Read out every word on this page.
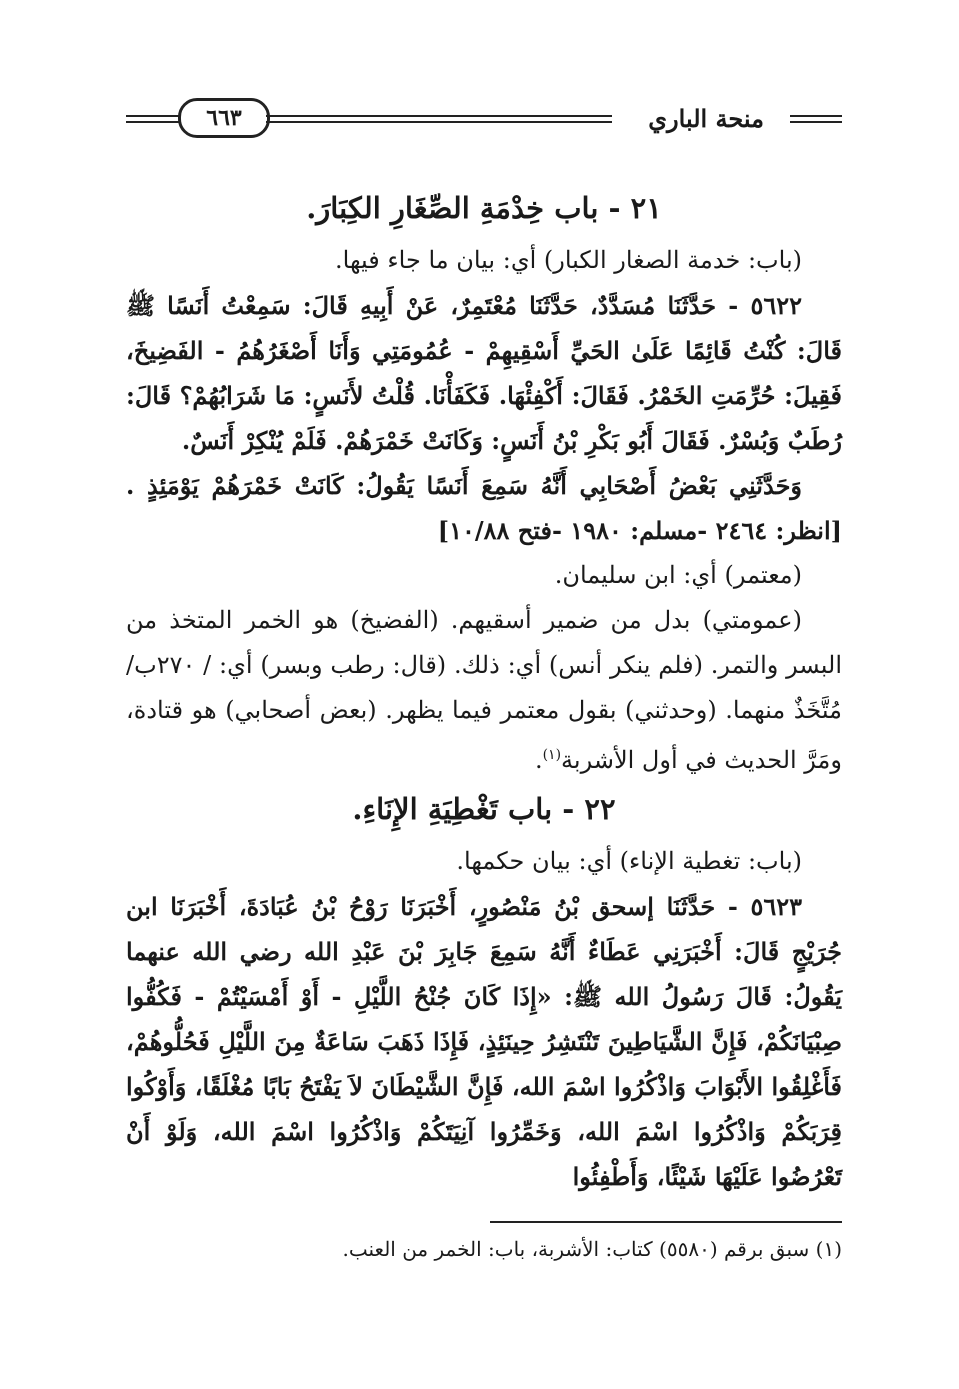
منحة الباري
٦٦٣
٢١ - باب خِدْمَةِ الصِّغَارِ الكِبَارَ.

(باب: خدمة الصغار الكبار) أي: بيان ما جاء فيها.

٥٦٢٢ - حَدَّثَنَا مُسَدَّدٌ، حَدَّثَنَا مُعْتَمِرٌ، عَنْ أَبِيهِ قَالَ: سَمِعْتُ أَنَسًا ﷺ قَالَ: كُنْتُ قَائِمًا عَلَىٰ الحَيِّ أَسْقِيهِمْ - عُمُومَتِي وَأَنَا أَصْغَرُهُمُ - الفَضِيخَ، فَقِيلَ: حُرِّمَتِ الخَمْرُ. فَقَالَ: أَكْفِئْهَا. فَكَفَأْنَا. قُلْتُ لأَنَسٍ: مَا شَرَابُهُمْ؟ قَالَ: رُطَبٌ وَبُسْرٌ. فَقَالَ أَبُو بَكْرِ بْنُ أَنَسٍ: وَكَانَتْ خَمْرَهُمْ. فَلَمْ يُنْكِرْ أَنَسٌ.

وَحَدَّثَنِي بَعْضُ أَصْحَابِي أَنَّهُ سَمِعَ أَنَسًا يَقُولُ: كَانَتْ خَمْرَهُمْ يَوْمَئِذٍ .[انظر: ٢٤٦٤ -مسلم: ١٩٨٠ -فتح ١٠/٨٨]

(معتمر) أي: ابن سليمان.

(عمومتي) بدل من ضمير أسقيهم. (الفضيخ) هو الخمر المتخذ من البسر والتمر. (فلم ينكر أنس) أي: ذلك. (قال: رطب وبسر) أي: / ٢٧٠ب/ مُتَّخَذٌ منهما. (وحدثني) بقول معتمر فيما يظهر. (بعض أصحابي) هو قتادة، ومَرَّ الحديث في أول الأشربة$^{(١)}$.

٢٢ - باب تَغْطِيَةِ الإِنَاءِ.

(باب: تغطية الإناء) أي: بيان حكمها.

٥٦٢٣ - حَدَّثَنَا إسحق بْنُ مَنْصُورٍ، أَخْبَرَنَا رَوْحُ بْنُ عُبَادَةَ، أَخْبَرَنَا ابن جُرَيْجٍ قَالَ: أَخْبَرَنِي عَطَاءٌ أَنَّهُ سَمِعَ جَابِرَ بْنَ عَبْدِ الله رضي الله عنهما يَقُولُ: قَالَ رَسُولُ الله ﷺ: «إِذَا كَانَ جُنْحُ اللَّيْلِ - أَوْ أَمْسَيْتُمْ - فَكُفُّوا صِبْيَانَكُمْ، فَإِنَّ الشَّيَاطِينَ تَنْتَشِرُ حِينَئِذٍ، فَإِذَا ذَهَبَ سَاعَةٌ مِنَ اللَّيْلِ فَحُلُّوهُمْ، فَأَغْلِقُوا الأَبْوَابَ وَاذْكُرُوا اسْمَ الله، فَإِنَّ الشَّيْطَانَ لاَ يَفْتَحُ بَابًا مُغْلَقًا، وَأَوْكُوا قِرَبَكُمْ وَاذْكُرُوا اسْمَ الله، وَخَمِّرُوا آنِيَتَكُمْ وَاذْكُرُوا اسْمَ الله، وَلَوْ أَنْ تَعْرُضُوا عَلَيْهَا شَيْئًا، وَأَطْفِئُوا

(١) سبق برقم (٥٥٨٠) كتاب: الأشربة، باب: الخمر من العنب.
